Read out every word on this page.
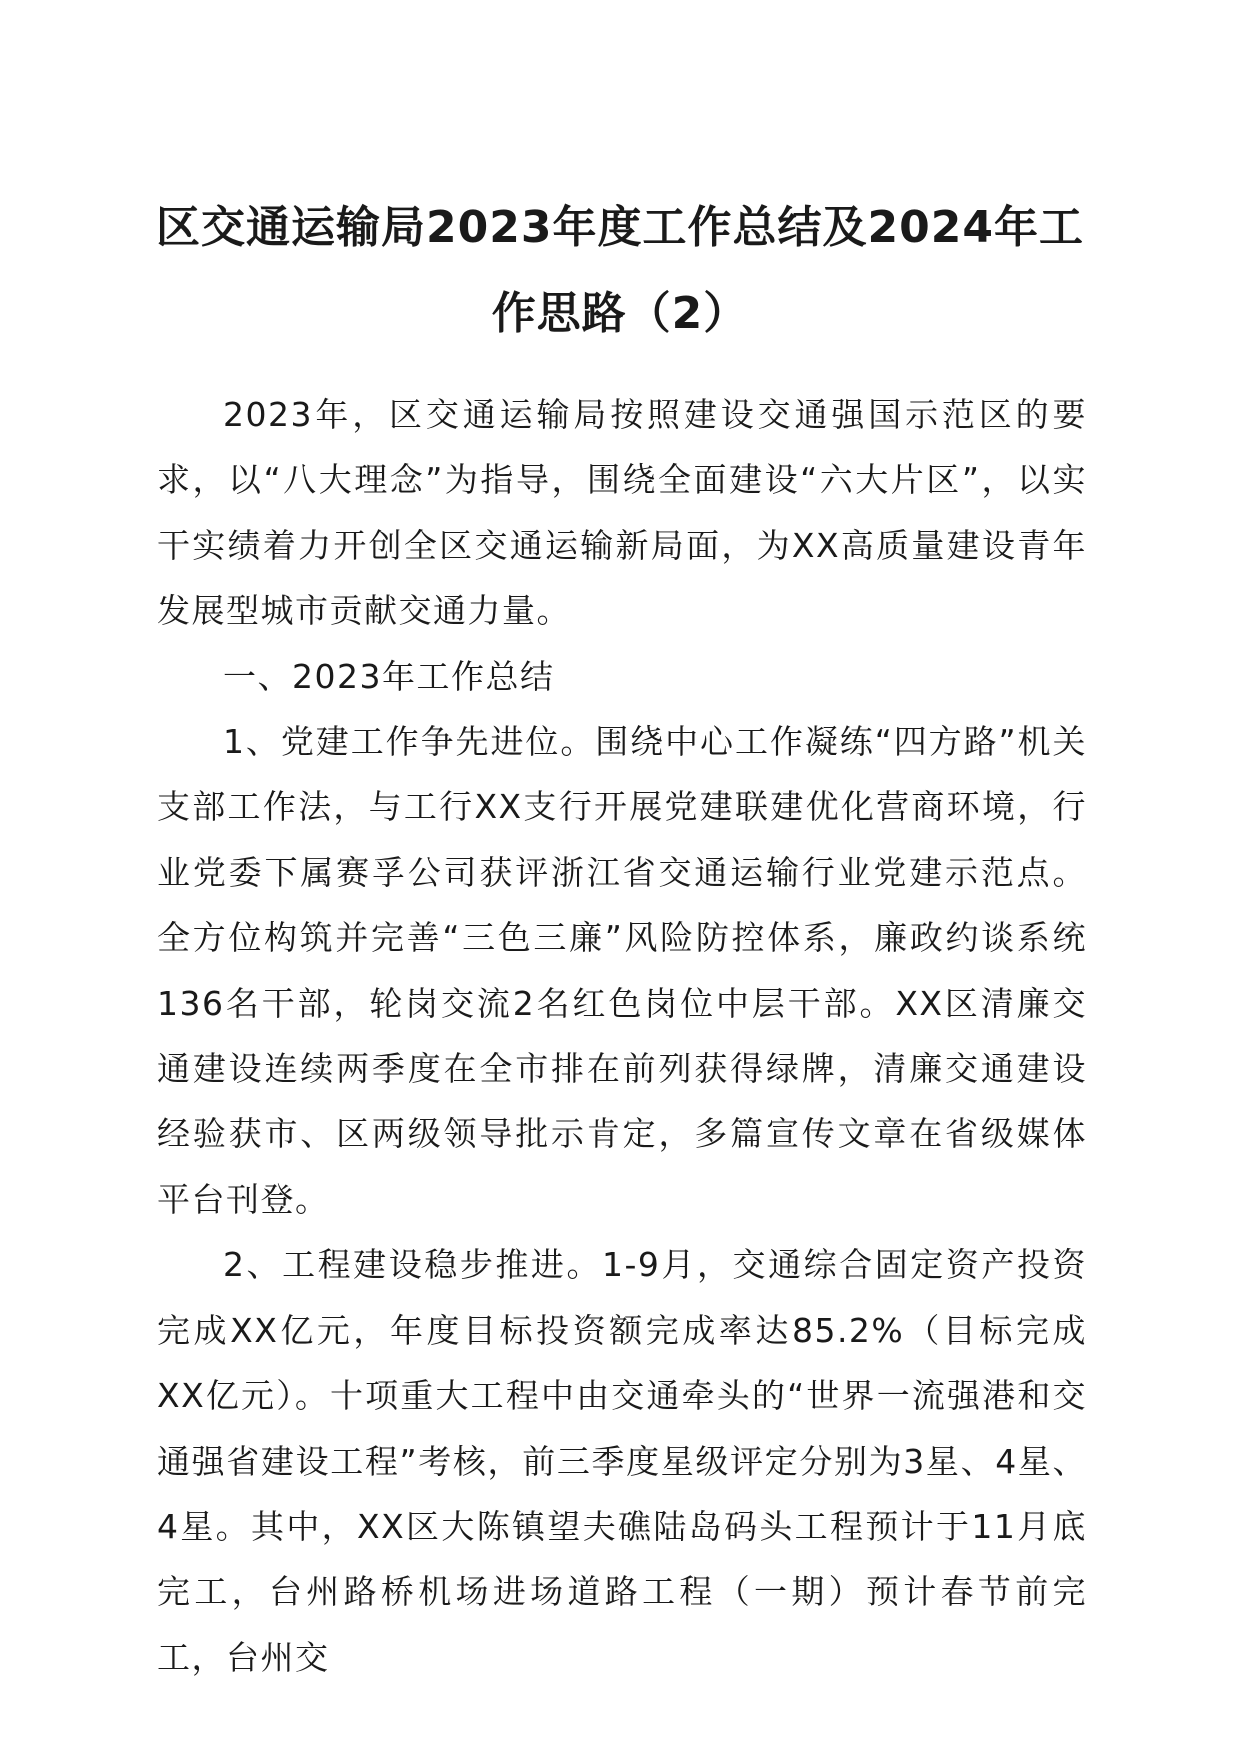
区交通运输局2023年度工作总结及2024年工
作思路（2）

2023年，区交通运输局按照建设交通强国示范区的要求，以“八大理念”为指导，围绕全面建设“六大片区”，以实干实绩着力开创全区交通运输新局面，为XX高质量建设青年发展型城市贡献交通力量。

一、2023年工作总结

1、党建工作争先进位。围绕中心工作凝练“四方路”机关支部工作法，与工行XX支行开展党建联建优化营商环境，行业党委下属赛孚公司获评浙江省交通运输行业党建示范点。全方位构筑并完善“三色三廉”风险防控体系，廉政约谈系统136名干部，轮岗交流2名红色岗位中层干部。XX区清廉交通建设连续两季度在全市排在前列获得绿牌，清廉交通建设经验获市、区两级领导批示肯定，多篇宣传文章在省级媒体平台刊登。

2、工程建设稳步推进。1-9月，交通综合固定资产投资完成XX亿元，年度目标投资额完成率达85.2%（目标完成XX亿元）。十项重大工程中由交通牵头的“世界一流强港和交通强省建设工程”考核，前三季度星级评定分别为3星、4星、4星。其中，XX区大陈镇望夫礁陆岛码头工程预计于11月底完工，台州路桥机场进场道路工程（一期）预计春节前完工，台州交
